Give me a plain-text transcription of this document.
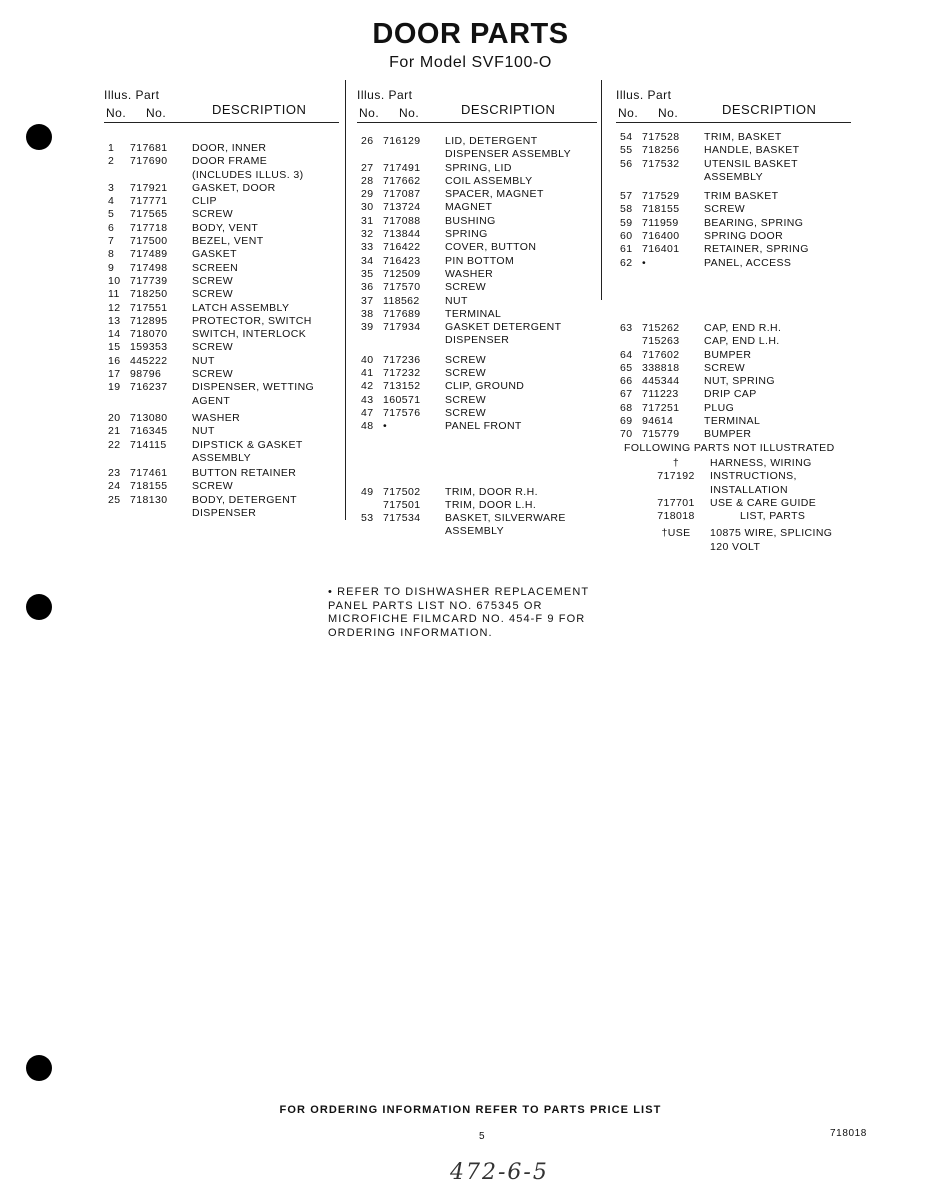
DOOR PARTS
For Model SVF100-O
Illus. Part
No. No.	DESCRIPTION
1	717681	DOOR, INNER
2	717690	DOOR FRAME
(INCLUDES ILLUS. 3)
3	717921	GASKET, DOOR
4	717771	CLIP
5	717565	SCREW
6	717718	BODY, VENT
7	717500	BEZEL, VENT
8	717489	GASKET
9	717498	SCREEN
10 717739	SCREW
11 718250	SCREW
12 717551	LATCH ASSEMBLY
13 712895	PROTECTOR, SWITCH
14 718070	SWITCH, INTERLOCK
15 159353	SCREW
16 445222	NUT
17 98796	SCREW
19 716237	DISPENSER, WETTING
AGENT
20 713080	WASHER
21 716345	NUT
22 714115	DIPSTICK & GASKET
ASSEMBLY
23 717461	BUTTON RETAINER
24 718155	SCREW
25 718130	BODY, DETERGENT
DISPENSER
Illus. Part
No. No.	DESCRIPTION
26 716129	LID, DETERGENT
DISPENSER ASSEMBLY
27 717491	SPRING, LID
28 717662	COIL ASSEMBLY
29 717087	SPACER, MAGNET
30 713724	MAGNET
31 717088	BUSHING
32 713844	SPRING
33 716422	COVER, BUTTON
34 716423	PIN BOTTOM
35 712509	WASHER
36 717570	SCREW
37 118562	NUT
38 717689	TERMINAL
39 717934	GASKET DETERGENT
DISPENSER
40 717236	SCREW
41 717232	SCREW
42 713152	CLIP, GROUND
43 160571	SCREW
47 717576	SCREW
48 •	PANEL FRONT
49 717502	TRIM, DOOR R.H.
717501	TRIM, DOOR L.H.
53 717534	BASKET, SILVERWARE
ASSEMBLY
Illus. Part
No. No.	DESCRIPTION
54 717528	TRIM, BASKET
55 718256	HANDLE, BASKET
56 717532	UTENSIL BASKET
ASSEMBLY
57 717529	TRIM BASKET
58 718155	SCREW
59 711959	BEARING, SPRING
60 716400	SPRING DOOR
61 716401	RETAINER, SPRING
62 •	PANEL, ACCESS
63 715262	CAP, END R.H.
715263	CAP, END L.H.
64 717602	BUMPER
65 338818	SCREW
66 445344	NUT, SPRING
67 711223	DRIP CAP
68 717251	PLUG
69 94614	TERMINAL
70 715779	BUMPER
FOLLOWING PARTS NOT ILLUSTRATED
†	HARNESS, WIRING
717192	INSTRUCTIONS,
INSTALLATION
717701	USE & CARE GUIDE
718018	LIST, PARTS
†USE	10875 WIRE, SPLICING
120 VOLT
• REFER TO DISHWASHER REPLACEMENT PANEL PARTS LIST NO. 675345 OR MICROFICHE FILMCARD NO. 454-F 9 FOR ORDERING INFORMATION.
FOR ORDERING INFORMATION REFER TO PARTS PRICE LIST
5	718018
472-6-5
